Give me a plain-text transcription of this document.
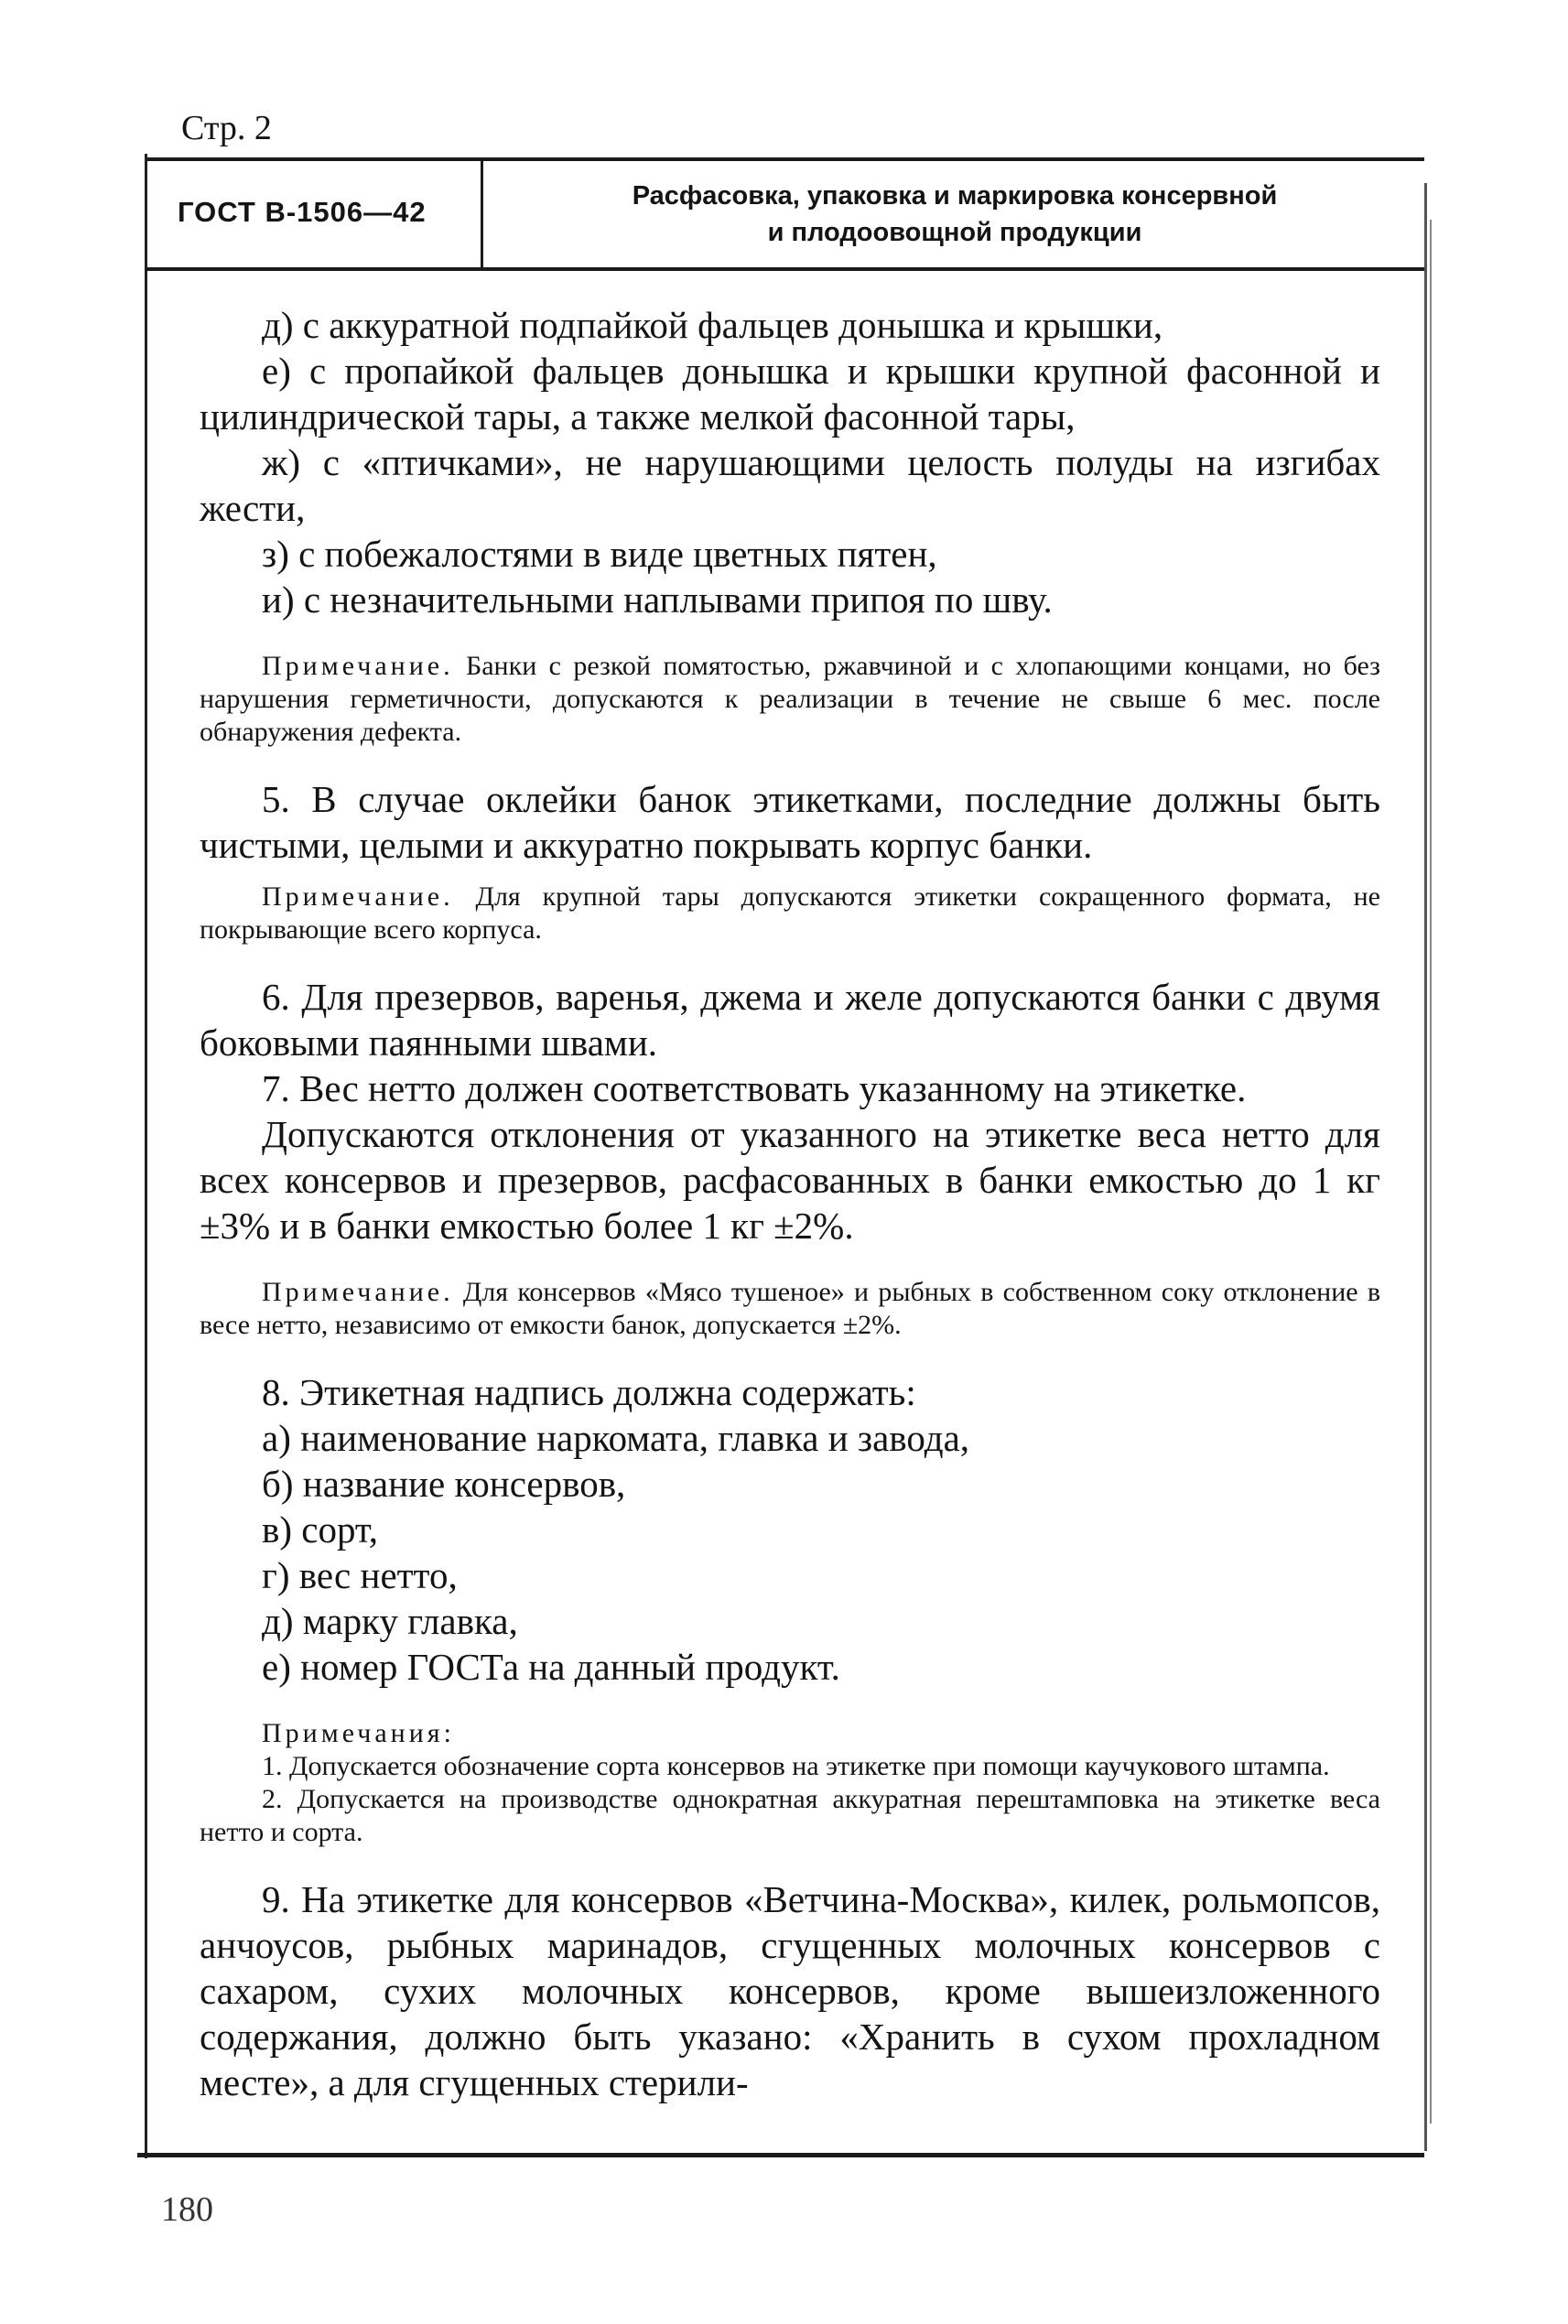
Стр. 2
ГОСТ В-1506—42	Расфасовка, упаковка и маркировка консервной
и плодоовощной продукции

д) с аккуратной подпайкой фальцев донышка и крышки,

е) с пропайкой фальцев донышка и крышки крупной фасонной и цилиндрической тары, а также мелкой фасонной тары,

ж) с «птичками», не нарушающими целость полуды на изгибах жести,

з) с побежалостями в виде цветных пятен,

и) с незначительными наплывами припоя по шву.

Примечание. Банки с резкой помятостью, ржавчиной и с хлопающими концами, но без нарушения герметичности, допускаются к реализации в течение не свыше 6 мес. после обнаружения дефекта.

5. В случае оклейки банок этикетками, последние должны быть чистыми, целыми и аккуратно покрывать корпус банки.

Примечание. Для крупной тары допускаются этикетки сокращенного формата, не покрывающие всего корпуса.

6. Для презервов, варенья, джема и желе допускаются банки с двумя боковыми паянными швами.

7. Вес нетто должен соответствовать указанному на этикетке.

Допускаются отклонения от указанного на этикетке веса нетто для всех консервов и презервов, расфасованных в банки емкостью до 1 кг ±3% и в банки емкостью более 1 кг ±2%.

Примечание. Для консервов «Мясо тушеное» и рыбных в собственном соку отклонение в весе нетто, независимо от емкости банок, допускается ±2%.

8. Этикетная надпись должна содержать:

а) наименование наркомата, главка и завода,

б) название консервов,

в) сорт,

г) вес нетто,

д) марку главка,

е) номер ГОСТа на данный продукт.

Примечания:

1. Допускается обозначение сорта консервов на этикетке при помощи каучукового штампа.

2. Допускается на производстве однократная аккуратная перештамповка на этикетке веса нетто и сорта.

9. На этикетке для консервов «Ветчина-Москва», килек, рольмопсов, анчоусов, рыбных маринадов, сгущенных молочных консервов с сахаром, сухих молочных консервов, кроме вышеизложенного содержания, должно быть указано: «Хранить в сухом прохладном месте», а для сгущенных стерили-

180
